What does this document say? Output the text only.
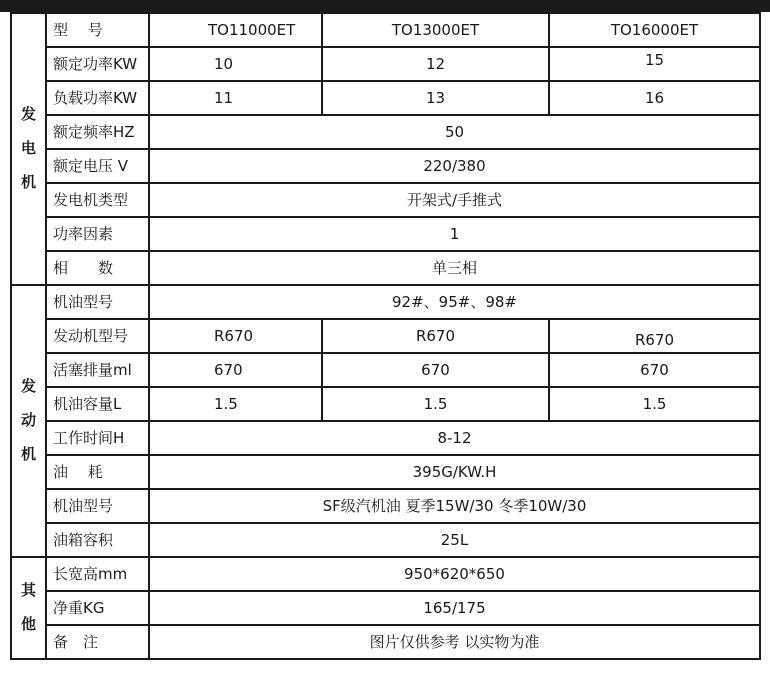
发
电
机	型　 号	TO11000ET	TO13000ET	TO16000ET
	额定功率KW	10	12	15
	负载功率KW	11	13	16
	额定频率HZ	50		
	额定电压 V	220/380		
	发电机类型	开架式/手推式		
	功率因素	1		
	相　　数	单三相		

发
动
机	机油型号	92#、95#、98#		
	发动机型号	R670	R670	R670
	活塞排量ml	670	670	670
	机油容量L	1.5	1.5	1.5
	工作时间H	8-12		
	油　 耗	395G/KW.H		
	机油型号	SF级汽机油 夏季15W/30 冬季10W/30		
	油箱容积	25L		

其
他	长宽高mm	950*620*650		
	净重KG	165/175		
	备　注	图片仅供参考 以实物为准		
